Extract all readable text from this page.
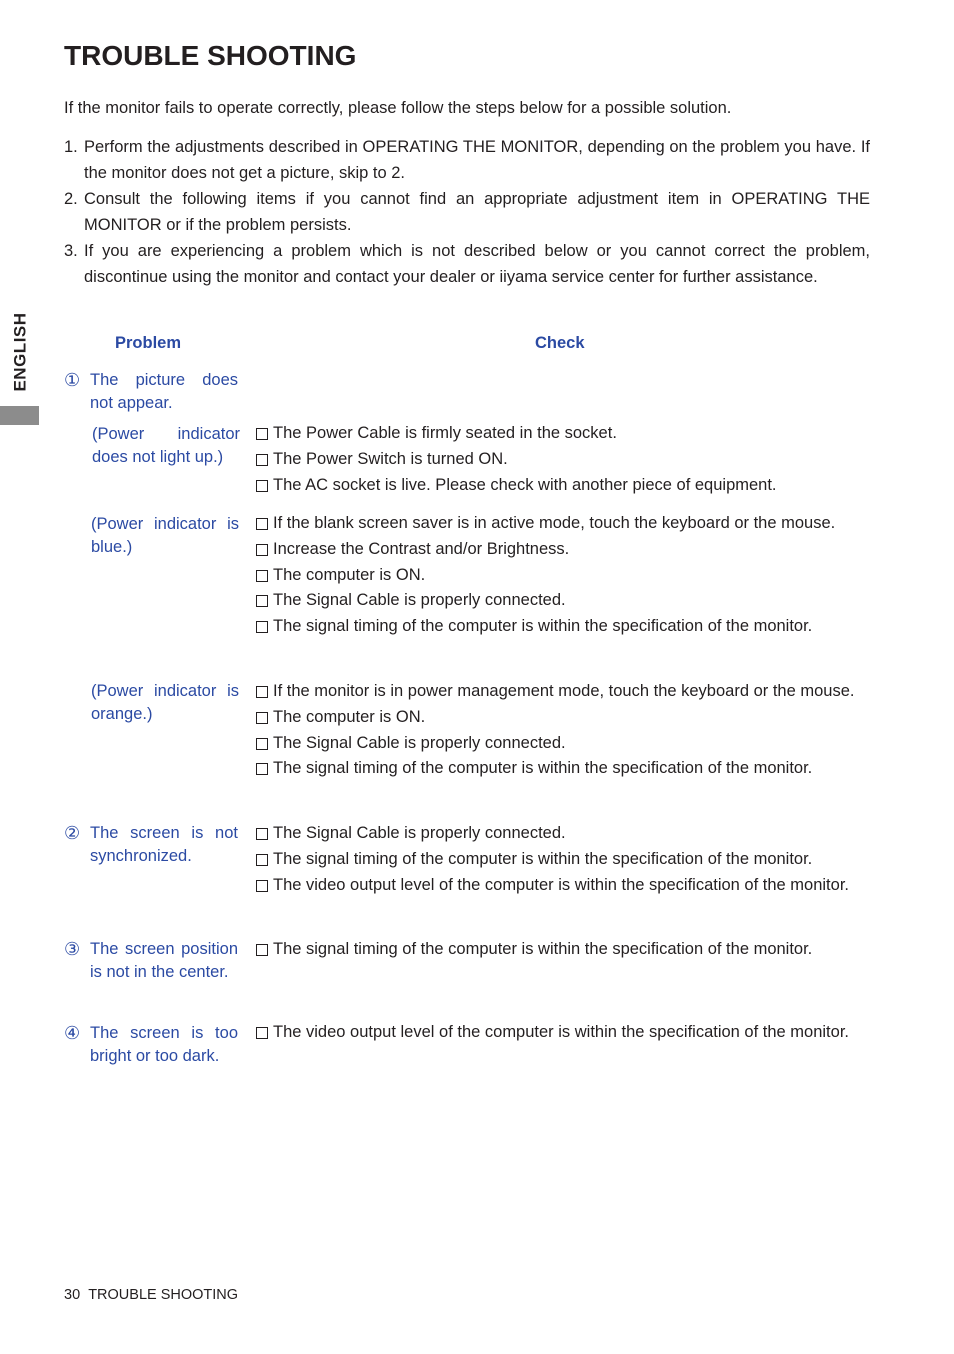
ENGLISH
TROUBLE SHOOTING
If the monitor fails to operate correctly, please follow the steps below for a possible solution.
1. Perform the adjustments described in OPERATING THE MONITOR, depending on the problem you have. If the monitor does not get a picture, skip to 2.
2. Consult the following items if you cannot find an appropriate adjustment item in OPERATING THE MONITOR or if the problem persists.
3. If you are experiencing a problem which is not described below or you cannot correct the problem, discontinue using the monitor and contact your dealer or iiyama service center for further assistance.
Problem	Check
① The picture does not appear.
(Power indicator does not light up.)
(Power indicator is blue.)
(Power indicator is orange.)
② The screen is not synchronized.
③ The screen position is not in the center.
④ The screen is too bright or too dark.
The Power Cable is firmly seated in the socket.
The Power Switch is turned ON.
The AC socket is live. Please check with another piece of equipment.
If the blank screen saver is in active mode, touch the keyboard or the mouse.
Increase the Contrast and/or Brightness.
The computer is ON.
The Signal Cable is properly connected.
The signal timing of the computer is within the specification of the monitor.
If the monitor is in power management mode, touch the keyboard or the mouse.
The computer is ON.
The Signal Cable is properly connected.
The signal timing of the computer is within the specification of the monitor.
The Signal Cable is properly connected.
The signal timing of the computer is within the specification of the monitor.
The video output level of the computer is within the specification of the monitor.
The signal timing of the computer is within the specification of the monitor.
The video output level of the computer is within the specification of the monitor.
30 TROUBLE SHOOTING
